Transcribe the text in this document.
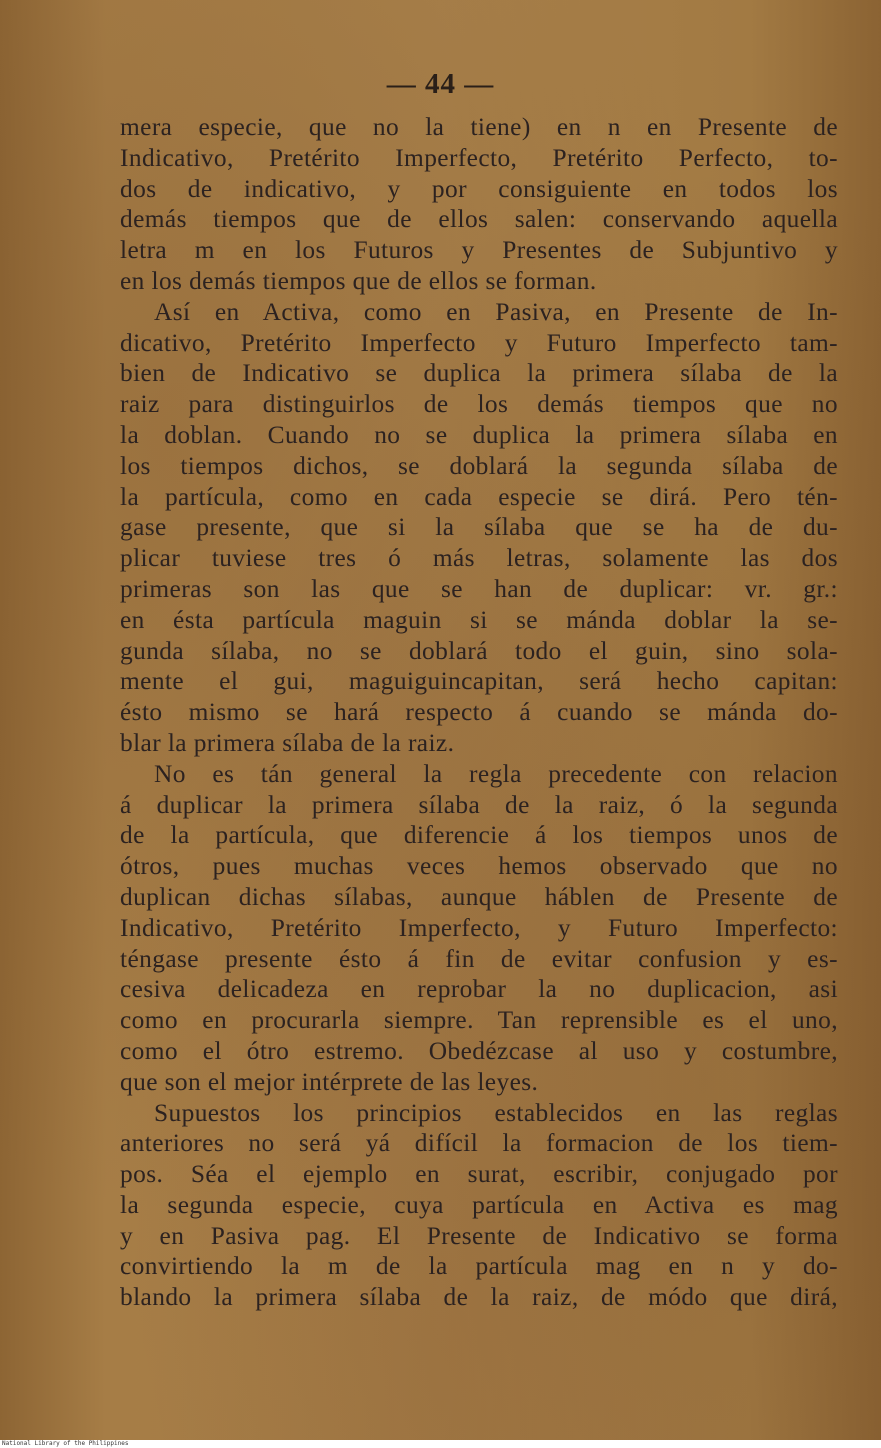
— 44 —
mera especie, que no la tiene) en n en Presente de
Indicativo, Pretérito Imperfecto, Pretérito Perfecto, to-
dos de indicativo, y por consiguiente en todos los
demás tiempos que de ellos salen: conservando aquella
letra m en los Futuros y Presentes de Subjuntivo y
en los demás tiempos que de ellos se forman.
Así en Activa, como en Pasiva, en Presente de In-
dicativo, Pretérito Imperfecto y Futuro Imperfecto tam-
bien de Indicativo se duplica la primera sílaba de la
raiz para distinguirlos de los demás tiempos que no
la doblan. Cuando no se duplica la primera sílaba en
los tiempos dichos, se doblará la segunda sílaba de
la partícula, como en cada especie se dirá. Pero tén-
gase presente, que si la sílaba que se ha de du-
plicar tuviese tres ó más letras, solamente las dos
primeras son las que se han de duplicar: vr. gr.:
en ésta partícula maguin si se mánda doblar la se-
gunda sílaba, no se doblará todo el guin, sino sola-
mente el gui, maguiguincapitan, será hecho capitan:
ésto mismo se hará respecto á cuando se mánda do-
blar la primera sílaba de la raiz.
No es tán general la regla precedente con relacion
á duplicar la primera sílaba de la raiz, ó la segunda
de la partícula, que diferencie á los tiempos unos de
ótros, pues muchas veces hemos observado que no
duplican dichas sílabas, aunque háblen de Presente de
Indicativo, Pretérito Imperfecto, y Futuro Imperfecto:
téngase presente ésto á fin de evitar confusion y es-
cesiva delicadeza en reprobar la no duplicacion, asi
como en procurarla siempre. Tan reprensible es el uno,
como el ótro estremo. Obedézcase al uso y costumbre,
que son el mejor intérprete de las leyes.
Supuestos los principios establecidos en las reglas
anteriores no será yá difícil la formacion de los tiem-
pos. Séa el ejemplo en surat, escribir, conjugado por
la segunda especie, cuya partícula en Activa es mag
y en Pasiva pag. El Presente de Indicativo se forma
convirtiendo la m de la partícula mag en n y do-
blando la primera sílaba de la raiz, de módo que dirá,
National Library of the Philippines
